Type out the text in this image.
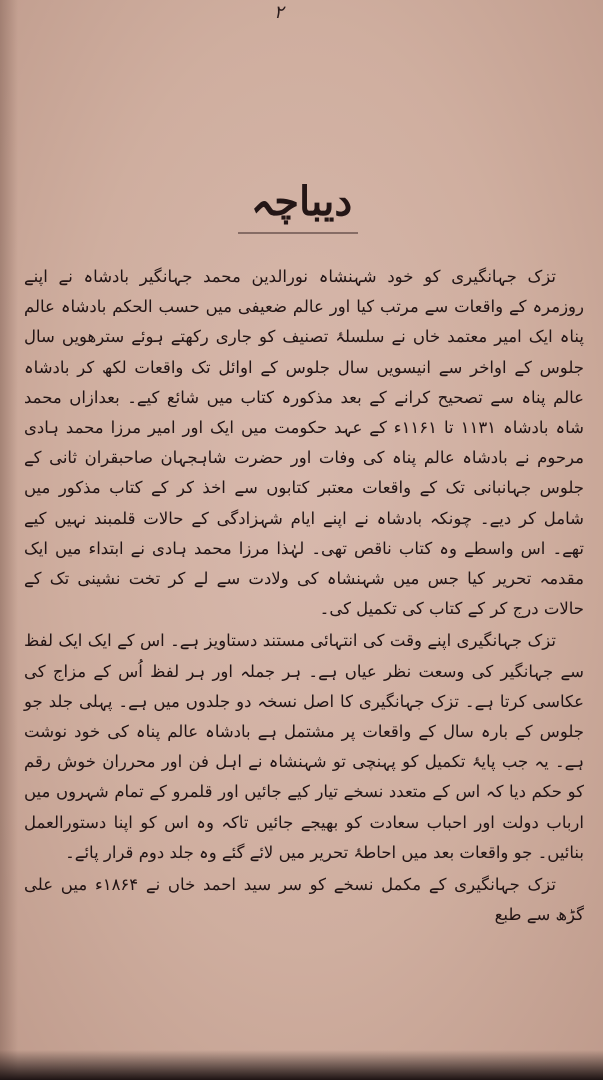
۲
دیباچہ

تزک جہانگیری کو خود شہنشاہ نورالدین محمد جہانگیر بادشاہ نے اپنے روزمرہ کے واقعات سے مرتب کیا اور عالم ضعیفی میں حسب الحکم بادشاہ عالم پناہ ایک امیر معتمد خاں نے سلسلۂ تصنیف کو جاری رکھتے ہوئے سترھویں سال جلوس کے اواخر سے انیسویں سال جلوس کے اوائل تک واقعات لکھ کر بادشاہ عالم پناہ سے تصحیح کرانے کے بعد مذکورہ کتاب میں شائع کیے۔ بعدازاں محمد شاہ بادشاہ ۱۱۳۱ تا ۱۱۶۱ء کے عہد حکومت میں ایک اور امیر مرزا محمد ہادی مرحوم نے بادشاہ عالم پناہ کی وفات اور حضرت شاہجہان صاحبقران ثانی کے جلوس جہانبانی تک کے واقعات معتبر کتابوں سے اخذ کر کے کتاب مذکور میں شامل کر دیے۔ چونکہ بادشاہ نے اپنے ایام شہزادگی کے حالات قلمبند نہیں کیے تھے۔ اس واسطے وہ کتاب ناقص تھی۔ لہٰذا مرزا محمد ہادی نے ابتداء میں ایک مقدمہ تحریر کیا جس میں شہنشاہ کی ولادت سے لے کر تخت نشینی تک کے حالات درج کر کے کتاب کی تکمیل کی۔

تزک جہانگیری اپنے وقت کی انتہائی مستند دستاویز ہے۔ اس کے ایک ایک لفظ سے جہانگیر کی وسعت نظر عیاں ہے۔ ہر جملہ اور ہر لفظ اُس کے مزاج کی عکاسی کرتا ہے۔ تزک جہانگیری کا اصل نسخہ دو جلدوں میں ہے۔ پہلی جلد جو جلوس کے بارہ سال کے واقعات پر مشتمل ہے بادشاہ عالم پناہ کی خود نوشت ہے۔ یہ جب پایۂ تکمیل کو پہنچی تو شہنشاہ نے اہل فن اور محرران خوش رقم کو حکم دیا کہ اس کے متعدد نسخے تیار کیے جائیں اور قلمرو کے تمام شہروں میں ارباب دولت اور احباب سعادت کو بھیجے جائیں تاکہ وہ اس کو اپنا دستورالعمل بنائیں۔ جو واقعات بعد میں احاطۂ تحریر میں لائے گئے وہ جلد دوم قرار پائے۔

تزک جہانگیری کے مکمل نسخے کو سر سید احمد خاں نے ۱۸۶۴ء میں علی گڑھ سے طبع
